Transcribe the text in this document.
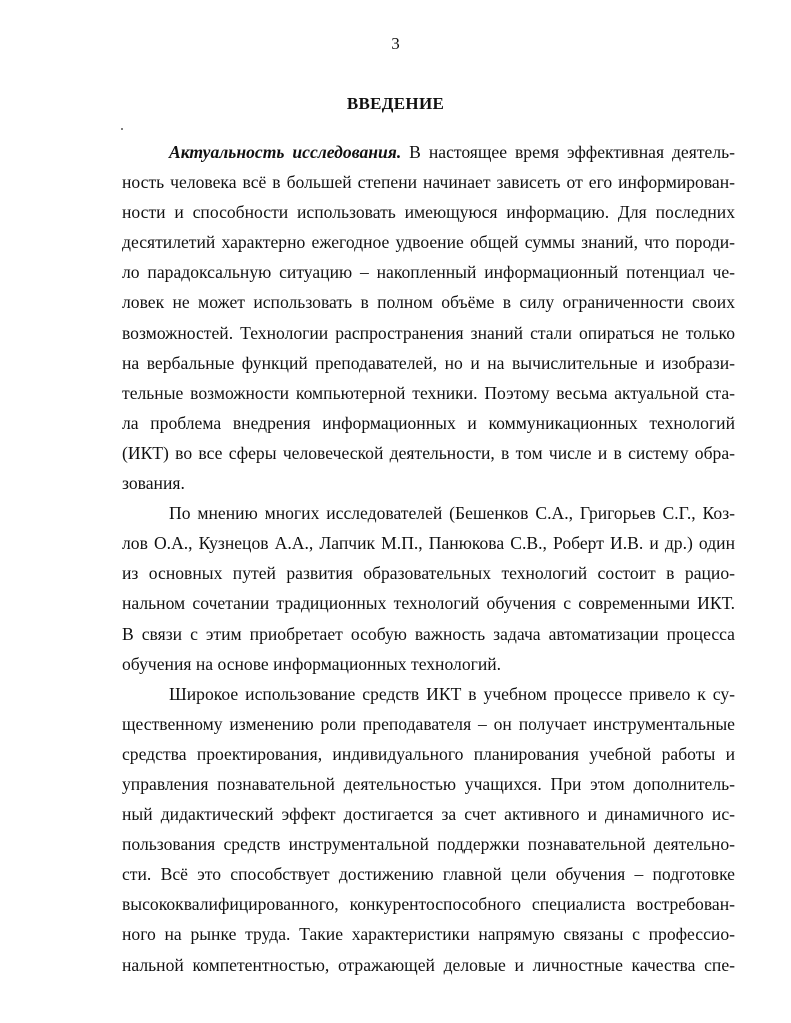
3
ВВЕДЕНИЕ
Актуальность исследования. В настоящее время эффективная деятель-
ность человека всё в большей степени начинает зависеть от его информирован-
ности и способности использовать имеющуюся информацию. Для последних
десятилетий характерно ежегодное удвоение общей суммы знаний, что породи-
ло парадоксальную ситуацию – накопленный информационный потенциал че-
ловек не может использовать в полном объёме в силу ограниченности своих
возможностей. Технологии распространения знаний стали опираться не только
на вербальные функций преподавателей, но и на вычислительные и изобрази-
тельные возможности компьютерной техники. Поэтому весьма актуальной ста-
ла проблема внедрения информационных и коммуникационных технологий
(ИКТ) во все сферы человеческой деятельности, в том числе и в систему обра-
зования.
По мнению многих исследователей (Бешенков С.А., Григорьев С.Г., Коз-
лов О.А., Кузнецов А.А., Лапчик М.П., Панюкова С.В., Роберт И.В. и др.) один
из основных путей развития образовательных технологий состоит в рацио-
нальном сочетании традиционных технологий обучения с современными ИКТ.
В связи с этим приобретает особую важность задача автоматизации процесса
обучения на основе информационных технологий.
Широкое использование средств ИКТ в учебном процессе привело к су-
щественному изменению роли преподавателя – он получает инструментальные
средства проектирования, индивидуального планирования учебной работы и
управления познавательной деятельностью учащихся. При этом дополнитель-
ный дидактический эффект достигается за счет активного и динамичного ис-
пользования средств инструментальной поддержки познавательной деятельно-
сти. Всё это способствует достижению главной цели обучения – подготовке
высококвалифицированного, конкурентоспособного специалиста востребован-
ного на рынке труда. Такие характеристики напрямую связаны с профессио-
нальной компетентностью, отражающей деловые и личностные качества спе-
